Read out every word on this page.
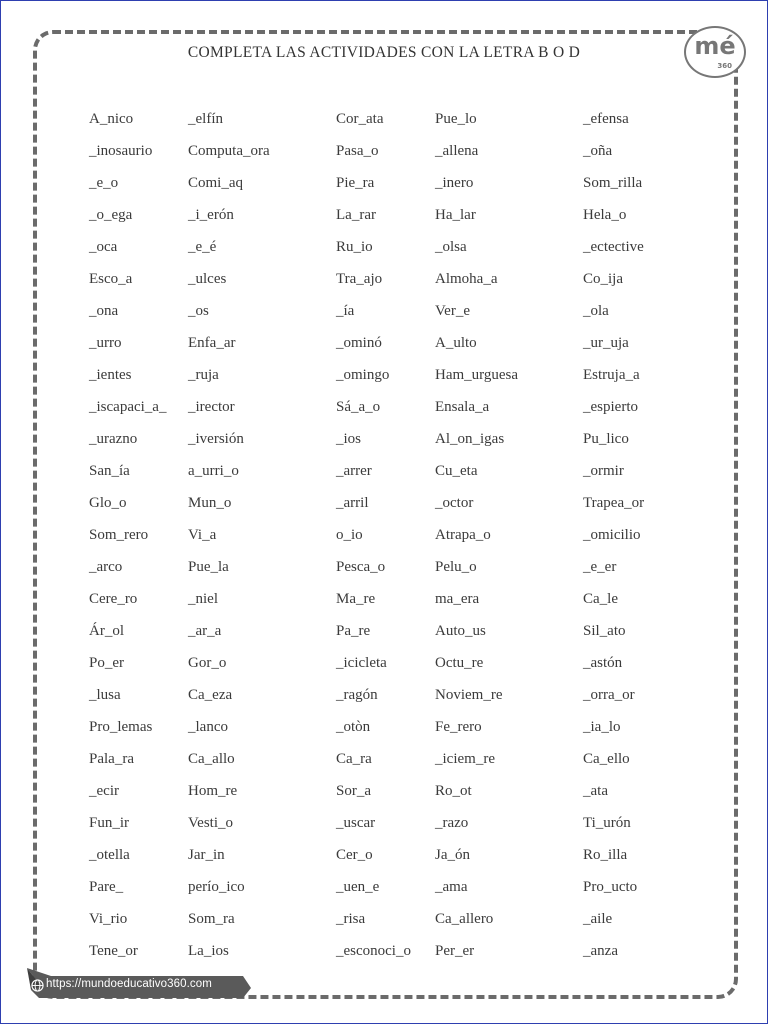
COMPLETA LAS ACTIVIDADES CON LA LETRA B O D	mé
360
A_nico	_elfín	Cor_ata	Pue_lo	_efensa
_inosaurio	Computa_ora	Pasa_o	_allena	_oña
_e_o	Comi_aq	Pie_ra	_inero	Som_rilla
_o_ega	_i_erón	La_rar	Ha_lar	Hela_o
_oca	_e_é	Ru_io	_olsa	_ectective
Esco_a	_ulces	Tra_ajo	Almoha_a	Co_ija
_ona	_os	_ía	Ver_e	_ola
_urro	Enfa_ar	_ominó	A_ulto	_ur_uja
_ientes	_ruja	_omingo	Ham_urguesa	Estruja_a
_iscapaci_a_	_irector	Sá_a_o	Ensala_a	_espierto
_urazno	_iversión	_ios	Al_on_igas	Pu_lico
San_ía	a_urri_o	_arrer	Cu_eta	_ormir
Glo_o	Mun_o	_arril	_octor	Trapea_or
Som_rero	Vi_a	o_io	Atrapa_o	_omicilio
_arco	Pue_la	Pesca_o	Pelu_o	_e_er
Cere_ro	_niel	Ma_re	ma_era	Ca_le
Ár_ol	_ar_a	Pa_re	Auto_us	Sil_ato
Po_er	Gor_o	_icicleta	Octu_re	_astón
_lusa	Ca_eza	_ragón	Noviem_re	_orra_or
Pro_lemas	_lanco	_otòn	Fe_rero	_ia_lo
Pala_ra	Ca_allo	Ca_ra	_iciem_re	Ca_ello
_ecir	Hom_re	Sor_a	Ro_ot	_ata
Fun_ir	Vesti_o	_uscar	_razo	Ti_urón
_otella	Jar_in	Cer_o	Ja_ón	Ro_illa
Pare_	perío_ico	_uen_e	_ama	Pro_ucto
Vi_rio	Som_ra	_risa	Ca_allero	_aile
Tene_or	La_ios	_esconoci_o	Per_er	_anza
https://mundoeducativo360.com
